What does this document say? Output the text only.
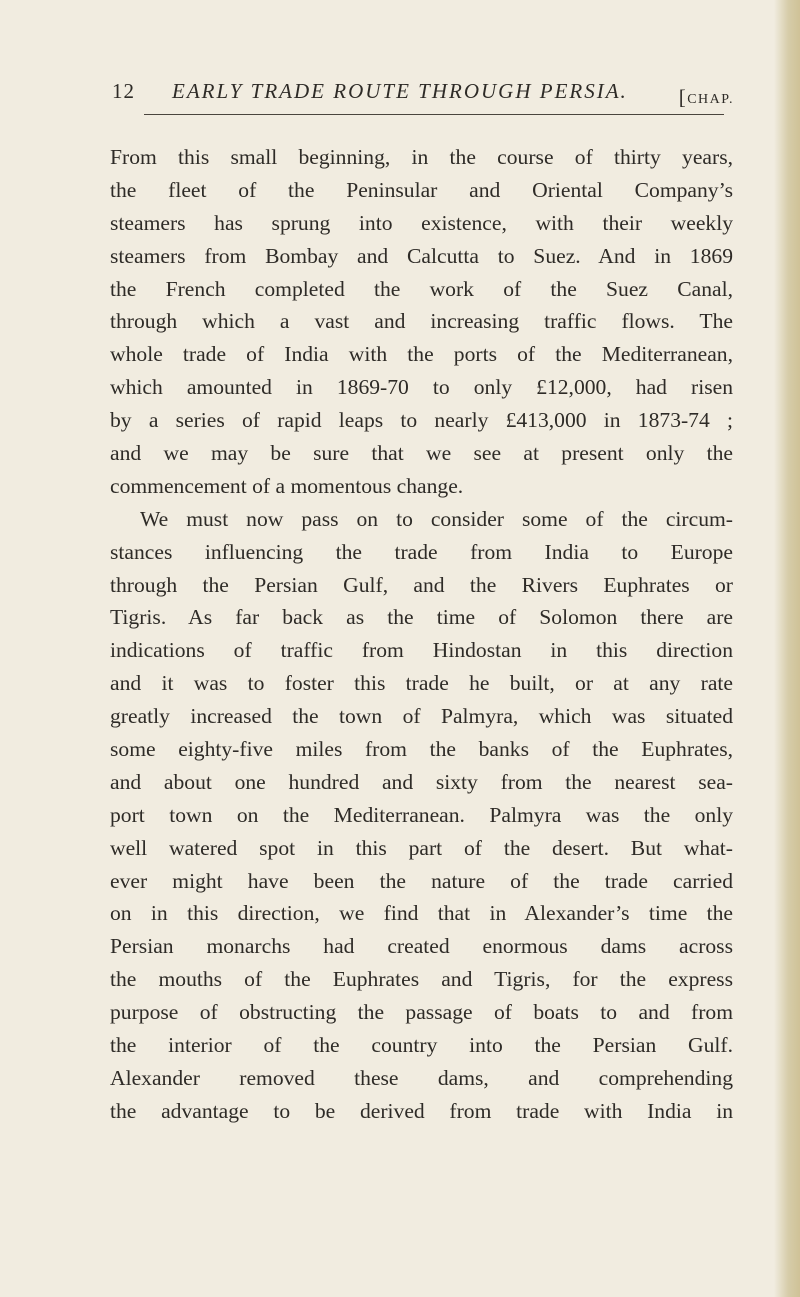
12 EARLY TRADE ROUTE THROUGH PERSIA. [CHAP.
From this small beginning, in the course of thirty years,
the fleet of the Peninsular and Oriental Company’s
steamers has sprung into existence, with their weekly
steamers from Bombay and Calcutta to Suez. And in 1869
the French completed the work of the Suez Canal,
through which a vast and increasing traffic flows. The
whole trade of India with the ports of the Mediterranean,
which amounted in 1869-70 to only £12,000, had risen
by a series of rapid leaps to nearly £413,000 in 1873-74 ;
and we may be sure that we see at present only the
commencement of a momentous change.
We must now pass on to consider some of the circum-
stances influencing the trade from India to Europe
through the Persian Gulf, and the Rivers Euphrates or
Tigris. As far back as the time of Solomon there are
indications of traffic from Hindostan in this direction
and it was to foster this trade he built, or at any rate
greatly increased the town of Palmyra, which was situated
some eighty-five miles from the banks of the Euphrates,
and about one hundred and sixty from the nearest sea-
port town on the Mediterranean. Palmyra was the only
well watered spot in this part of the desert. But what-
ever might have been the nature of the trade carried
on in this direction, we find that in Alexander’s time the
Persian monarchs had created enormous dams across
the mouths of the Euphrates and Tigris, for the express
purpose of obstructing the passage of boats to and from
the interior of the country into the Persian Gulf.
Alexander removed these dams, and comprehending
the advantage to be derived from trade with India in
